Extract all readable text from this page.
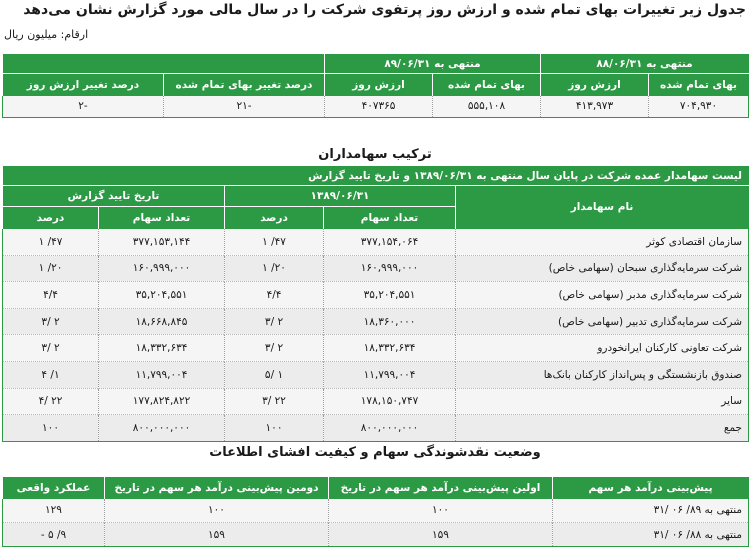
جدول زیر تغییرات بهای تمام شده و ارزش روز پرتفوی شرکت را در سال مالی مورد گزارش نشان می‌دهد
ارقام: میلیون ریال
منتهی به ۸۸/۰۶/۳۱		منتهی به ۸۹/۰۶/۳۱			
بهای تمام شده	ارزش روز	بهای تمام شده	ارزش روز	درصد تغییر بهای تمام شده	درصد تغییر ارزش روز
۷۰۴,۹۳۰	۴۱۳,۹۷۳	۵۵۵,۱۰۸	۴۰۷۳۶۵	-۲۱	-۲
ترکیب سهامداران
لیست سهامدار عمده شرکت در پایان سال منتهی به ۱۳۸۹/۰۶/۳۱ و تاریخ تایید گزارش				
نام سهامدار	۱۳۸۹/۰۶/۳۱		تاریخ تایید گزارش	
	تعداد سهام	درصد	تعداد سهام	درصد
سازمان اقتصادی کوثر	۳۷۷,۱۵۴,۰۶۴	۴۷/ ۱	۳۷۷,۱۵۳,۱۴۴	۴۷/ ۱
شرکت سرمایه‌گذاری سبحان (سهامی خاص)	۱۶۰,۹۹۹,۰۰۰	۲۰/ ۱	۱۶۰,۹۹۹,۰۰۰	۲۰/ ۱
شرکت سرمایه‌گذاری مدبر (سهامی خاص)	۳۵,۲۰۴,۵۵۱	۴/۴	۳۵,۲۰۴,۵۵۱	۴/۴
شرکت سرمایه‌گذاری تدبیر (سهامی خاص)	۱۸,۳۶۰,۰۰۰	۲ /۳	۱۸,۶۶۸,۸۴۵	۲ /۳
شرکت تعاونی کارکنان ایرانخودرو	۱۸,۳۳۲,۶۳۴	۲ /۳	۱۸,۳۳۲,۶۳۴	۲ /۳
صندوق بازنشستگی و پس‌انداز کارکنان بانک‌ها	۱۱,۷۹۹,۰۰۴	۱ /۵	۱۱,۷۹۹,۰۰۴	۱/ ۴
سایر	۱۷۸,۱۵۰,۷۴۷	۲۲ /۳	۱۷۷,۸۲۴,۸۲۲	۲۲ /۴
جمع	۸۰۰,۰۰۰,۰۰۰	۱۰۰	۸۰۰,۰۰۰,۰۰۰	۱۰۰
وضعیت نقدشوندگی سهام و کیفیت افشای اطلاعات
پیش‌بینی درآمد هر سهم	اولین پیش‌بینی درآمد هر سهم در تاریخ	دومین پیش‌بینی درآمد هر سهم در تاریخ	عملکرد واقعی
منتهی به ۸۹/ ۰۶ /۳۱	۱۰۰	۱۰۰	۱۲۹
منتهی به ۸۸/ ۰۶ /۳۱	۱۵۹	۱۵۹	۹/ ۵ -
